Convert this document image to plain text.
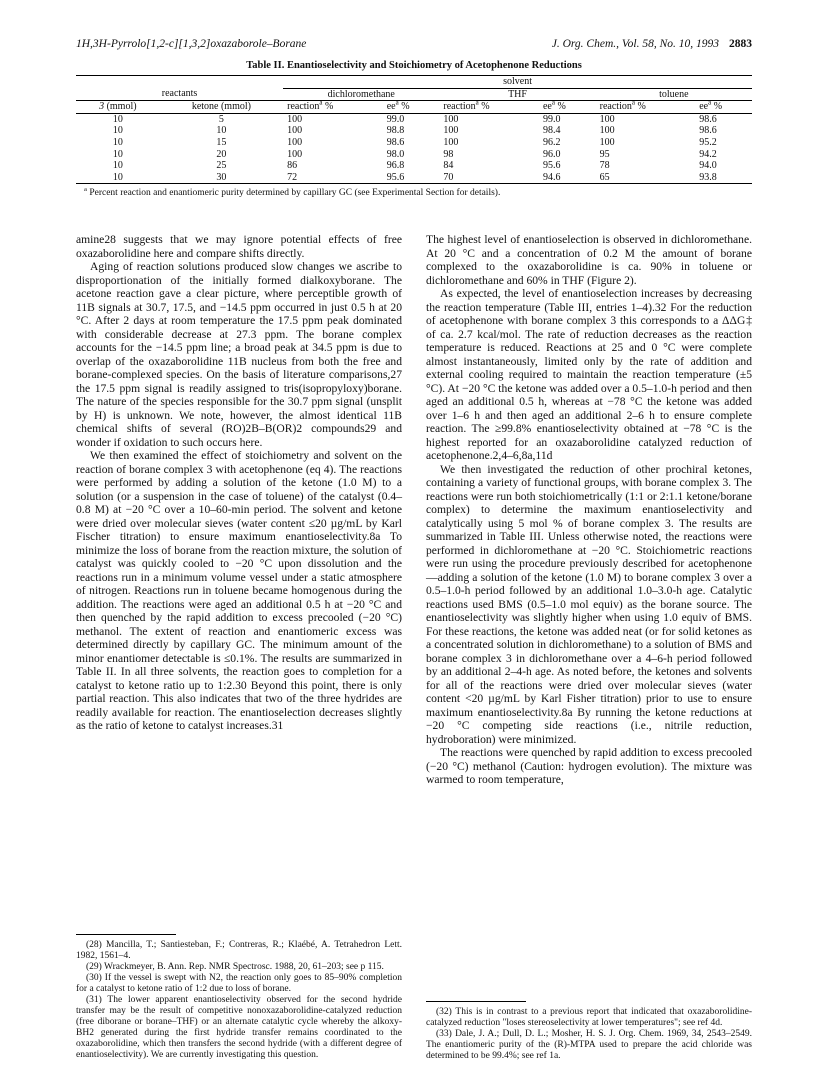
1H,3H-Pyrrolo[1,2-c][1,3,2]oxazaborole–Borane	J. Org. Chem., Vol. 58, No. 10, 1993 2883
Table II. Enantioselectivity and Stoichiometry of Acetophenone Reductions
		solvent					
reactants		dichloromethane		THF		toluene	
3 (mmol)	ketone (mmol)	reaction$^a$ %	$ee^a$ %	reaction$^a$ %	$ee^a$ %	reaction$^a$ %	$ee^a$ %
10	5	100	99.0	100	99.0	100	98.6
10	10	100	98.8	100	98.4	100	98.6
10	15	100	98.6	100	96.2	100	95.2
10	20	100	98.0	98	96.0	95	94.2
10	25	86	96.8	84	95.6	78	94.0
10	30	72	95.6	70	94.6	65	93.8
$^a$ Percent reaction and enantiomeric purity determined by capillary GC (see Experimental Section for details).

amine28 suggests that we may ignore potential effects of free oxazaborolidine here and compare shifts directly.

Aging of reaction solutions produced slow changes we ascribe to disproportionation of the initially formed dialkoxyborane. The acetone reaction gave a clear picture, where perceptible growth of 11B signals at 30.7, 17.5, and −14.5 ppm occurred in just 0.5 h at 20 °C. After 2 days at room temperature the 17.5 ppm peak dominated with considerable decrease at 27.3 ppm. The borane complex accounts for the −14.5 ppm line; a broad peak at 34.5 ppm is due to overlap of the oxazaborolidine 11B nucleus from both the free and borane-complexed species. On the basis of literature comparisons,27 the 17.5 ppm signal is readily assigned to tris(isopropyloxy)borane. The nature of the species responsible for the 30.7 ppm signal (unsplit by H) is unknown. We note, however, the almost identical 11B chemical shifts of several (RO)2B–B(OR)2 compounds29 and wonder if oxidation to such occurs here.

We then examined the effect of stoichiometry and solvent on the reaction of borane complex 3 with acetophenone (eq 4). The reactions were performed by adding a solution of the ketone (1.0 M) to a solution (or a suspension in the case of toluene) of the catalyst (0.4–0.8 M) at −20 °C over a 10–60-min period. The solvent and ketone were dried over molecular sieves (water content ≤20 µg/mL by Karl Fischer titration) to ensure maximum enantioselectivity.8a To minimize the loss of borane from the reaction mixture, the solution of catalyst was quickly cooled to −20 °C upon dissolution and the reactions run in a minimum volume vessel under a static atmosphere of nitrogen. Reactions run in toluene became homogenous during the addition. The reactions were aged an additional 0.5 h at −20 °C and then quenched by the rapid addition to excess precooled (−20 °C) methanol. The extent of reaction and enantiomeric excess was determined directly by capillary GC. The minimum amount of the minor enantiomer detectable is ≤0.1%. The results are summarized in Table II. In all three solvents, the reaction goes to completion for a catalyst to ketone ratio up to 1:2.30 Beyond this point, there is only partial reaction. This also indicates that two of the three hydrides are readily available for reaction. The enantioselection decreases slightly as the ratio of ketone to catalyst increases.31

The highest level of enantioselection is observed in dichloromethane. At 20 °C and a concentration of 0.2 M the amount of borane complexed to the oxazaborolidine is ca. 90% in toluene or dichloromethane and 60% in THF (Figure 2).

As expected, the level of enantioselection increases by decreasing the reaction temperature (Table III, entries 1–4).32 For the reduction of acetophenone with borane complex 3 this corresponds to a ΔΔG‡ of ca. 2.7 kcal/mol. The rate of reduction decreases as the reaction temperature is reduced. Reactions at 25 and 0 °C were complete almost instantaneously, limited only by the rate of addition and external cooling required to maintain the reaction temperature (±5 °C). At −20 °C the ketone was added over a 0.5–1.0-h period and then aged an additional 0.5 h, whereas at −78 °C the ketone was added over 1–6 h and then aged an additional 2–6 h to ensure complete reaction. The ≥99.8% enantioselectivity obtained at −78 °C is the highest reported for an oxazaborolidine catalyzed reduction of acetophenone.2,4–6,8a,11d

We then investigated the reduction of other prochiral ketones, containing a variety of functional groups, with borane complex 3. The reactions were run both stoichiometrically (1:1 or 2:1.1 ketone/borane complex) to determine the maximum enantioselectivity and catalytically using 5 mol % of borane complex 3. The results are summarized in Table III. Unless otherwise noted, the reactions were performed in dichloromethane at −20 °C. Stoichiometric reactions were run using the procedure previously described for acetophenone—adding a solution of the ketone (1.0 M) to borane complex 3 over a 0.5–1.0-h period followed by an additional 1.0–3.0-h age. Catalytic reactions used BMS (0.5–1.0 mol equiv) as the borane source. The enantioselectivity was slightly higher when using 1.0 equiv of BMS. For these reactions, the ketone was added neat (or for solid ketones as a concentrated solution in dichloromethane) to a solution of BMS and borane complex 3 in dichloromethane over a 4–6-h period followed by an additional 2–4-h age. As noted before, the ketones and solvents for all of the reactions were dried over molecular sieves (water content <20 µg/mL by Karl Fisher titration) prior to use to ensure maximum enantioselectivity.8a By running the ketone reductions at −20 °C competing side reactions (i.e., nitrile reduction, hydroboration) were minimized.

The reactions were quenched by rapid addition to excess precooled (−20 °C) methanol (Caution: hydrogen evolution). The mixture was warmed to room temperature,

(28) Mancilla, T.; Santiesteban, F.; Contreras, R.; Klaébé, A. Tetrahedron Lett. 1982, 1561–4.

(29) Wrackmeyer, B. Ann. Rep. NMR Spectrosc. 1988, 20, 61–203; see p 115.

(30) If the vessel is swept with N2, the reaction only goes to 85–90% completion for a catalyst to ketone ratio of 1:2 due to loss of borane.

(31) The lower apparent enantioselectivity observed for the second hydride transfer may be the result of competitive nonoxazaborolidine-catalyzed reduction (free diborane or borane–THF) or an alternate catalytic cycle whereby the alkoxy-BH2 generated during the first hydride transfer remains coordinated to the oxazaborolidine, which then transfers the second hydride (with a different degree of enantioselectivity). We are currently investigating this question.

(32) This is in contrast to a previous report that indicated that oxazaborolidine-catalyzed reduction "loses stereoselectivity at lower temperatures"; see ref 4d.

(33) Dale, J. A.; Dull, D. L.; Mosher, H. S. J. Org. Chem. 1969, 34, 2543–2549. The enantiomeric purity of the (R)-MTPA used to prepare the acid chloride was determined to be 99.4%; see ref 1a.
